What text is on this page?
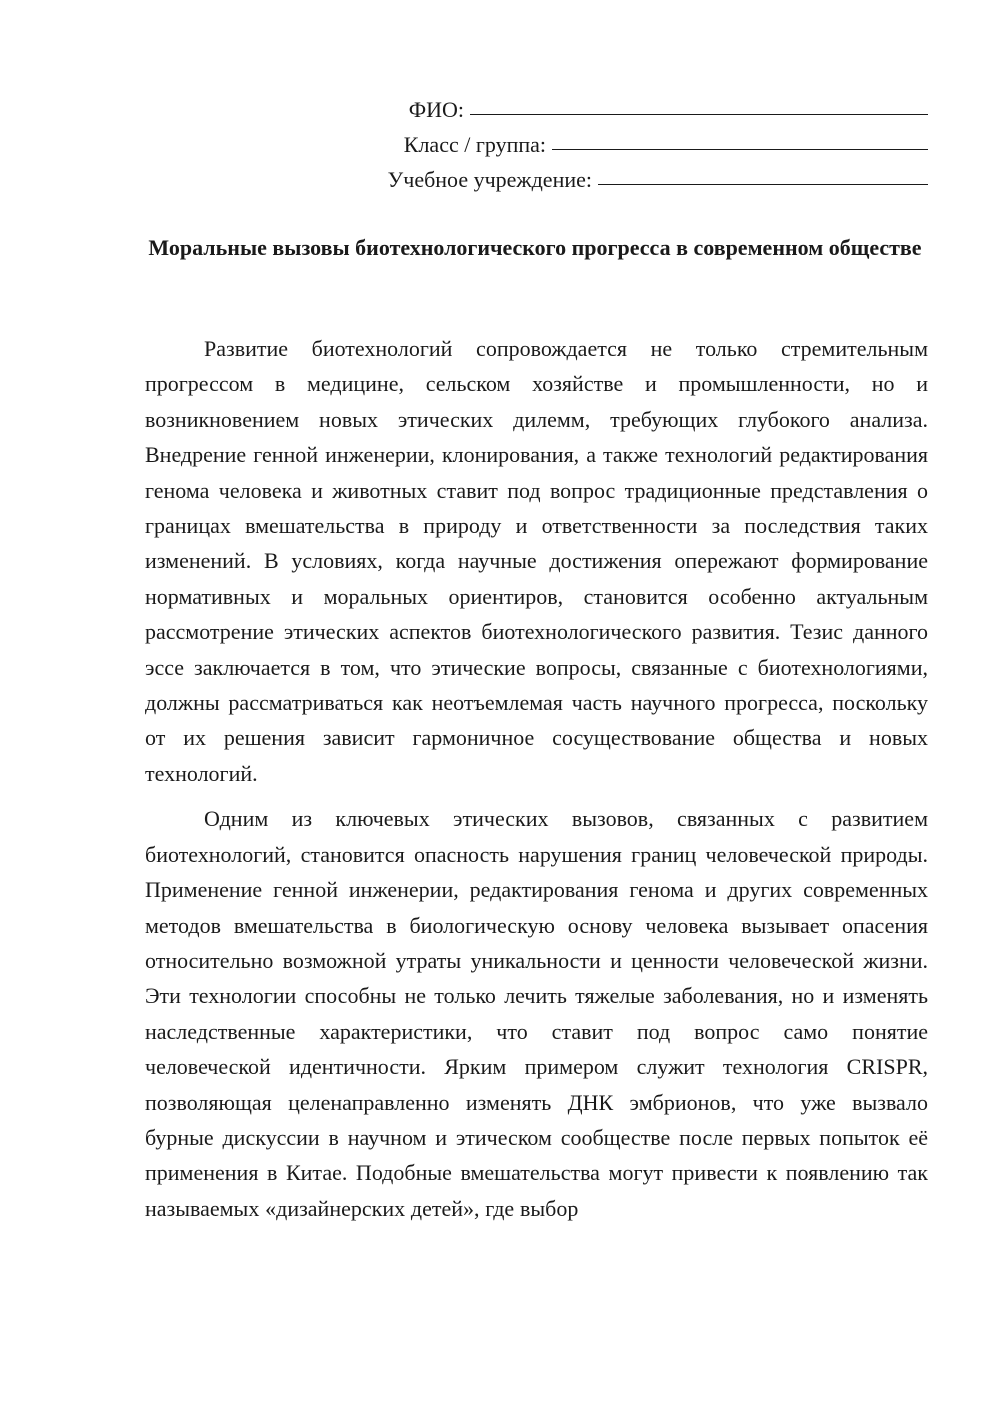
ФИО:
Класс / группа:
Учебное учреждение:
Моральные вызовы биотехнологического прогресса в современном обществе

Развитие биотехнологий сопровождается не только стремительным прогрессом в медицине, сельском хозяйстве и промышленности, но и возникновением новых этических дилемм, требующих глубокого анализа. Внедрение генной инженерии, клонирования, а также технологий редактирования генома человека и животных ставит под вопрос традиционные представления о границах вмешательства в природу и ответственности за последствия таких изменений. В условиях, когда научные достижения опережают формирование нормативных и моральных ориентиров, становится особенно актуальным рассмотрение этических аспектов биотехнологического развития. Тезис данного эссе заключается в том, что этические вопросы, связанные с биотехнологиями, должны рассматриваться как неотъемлемая часть научного прогресса, поскольку от их решения зависит гармоничное сосуществование общества и новых технологий.

Одним из ключевых этических вызовов, связанных с развитием биотехнологий, становится опасность нарушения границ человеческой природы. Применение генной инженерии, редактирования генома и других современных методов вмешательства в биологическую основу человека вызывает опасения относительно возможной утраты уникальности и ценности человеческой жизни. Эти технологии способны не только лечить тяжелые заболевания, но и изменять наследственные характеристики, что ставит под вопрос само понятие человеческой идентичности. Ярким примером служит технология CRISPR, позволяющая целенаправленно изменять ДНК эмбрионов, что уже вызвало бурные дискуссии в научном и этическом сообществе после первых попыток её применения в Китае. Подобные вмешательства могут привести к появлению так называемых «дизайнерских детей», где выбор
